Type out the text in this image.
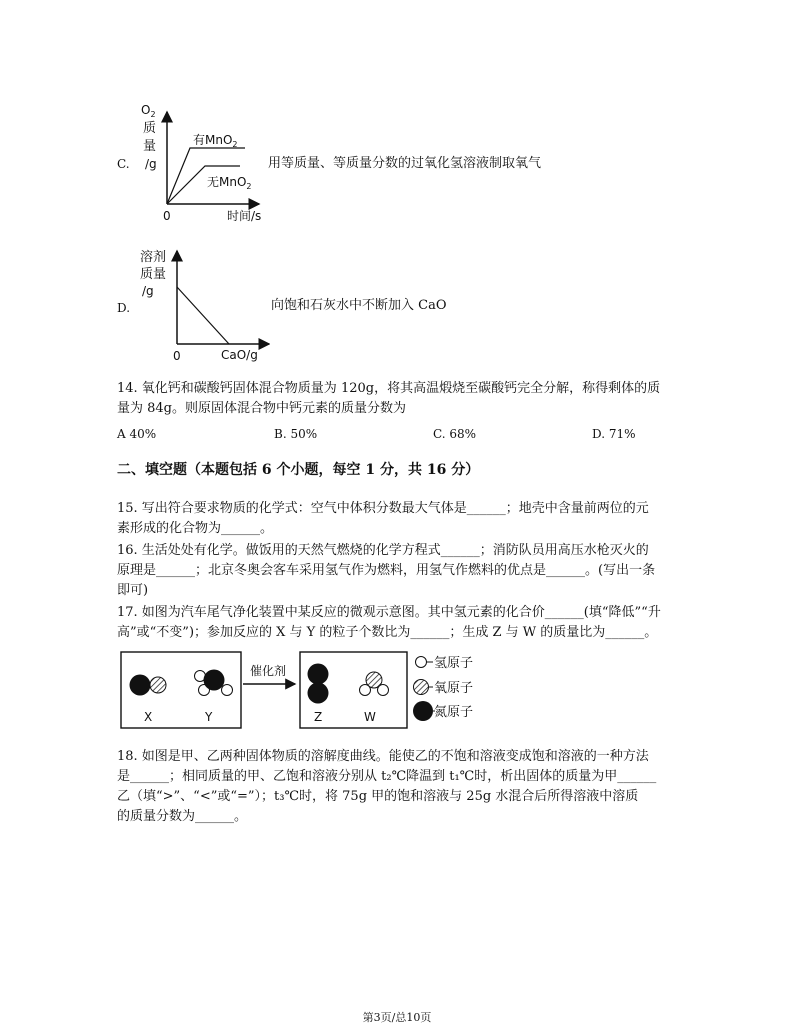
C.
$O_2$
质
量
/g
有MnO$_2$
无MnO$_2$
0	时间/s
用等质量、等质量分数的过氧化氢溶液制取氧气
D.
溶剂
质量
/g
0	CaO/g
向饱和石灰水中不断加入 CaO
14. 氧化钙和碳酸钙固体混合物质量为 120g，将其高温煅烧至碳酸钙完全分解，称得剩体的质
量为 84g。则原固体混合物中钙元素的质量分数为
A 40%	B. 50%	C. 68%	D. 71%
二、填空题（本题包括 6 个小题，每空 1 分，共 16 分）
15. 写出符合要求物质的化学式：空气中体积分数最大气体是______；地壳中含量前两位的元
素形成的化合物为______。
16. 生活处处有化学。做饭用的天然气燃烧的化学方程式______；消防队员用高压水枪灭火的
原理是______；北京冬奥会客车采用氢气作为燃料，用氢气作燃料的优点是______。(写出一条
即可)
17. 如图为汽车尾气净化装置中某反应的微观示意图。其中氢元素的化合价______(填“降低”“升
高”或“不变”)；参加反应的 X 与 Y 的粒子个数比为______；生成 Z 与 W 的质量比为______。
X	Y
催化剂
Z	W
氢原子
氧原子
氮原子
18. 如图是甲、乙两种固体物质的溶解度曲线。能使乙的不饱和溶液变成饱和溶液的一种方法
是______；相同质量的甲、乙饱和溶液分别从 t₂℃降温到 t₁℃时，析出固体的质量为甲______
乙（填“>”、“<”或“=”）；t₃℃时，将 75g 甲的饱和溶液与 25g 水混合后所得溶液中溶质
的质量分数为______。
第3页/总10页
